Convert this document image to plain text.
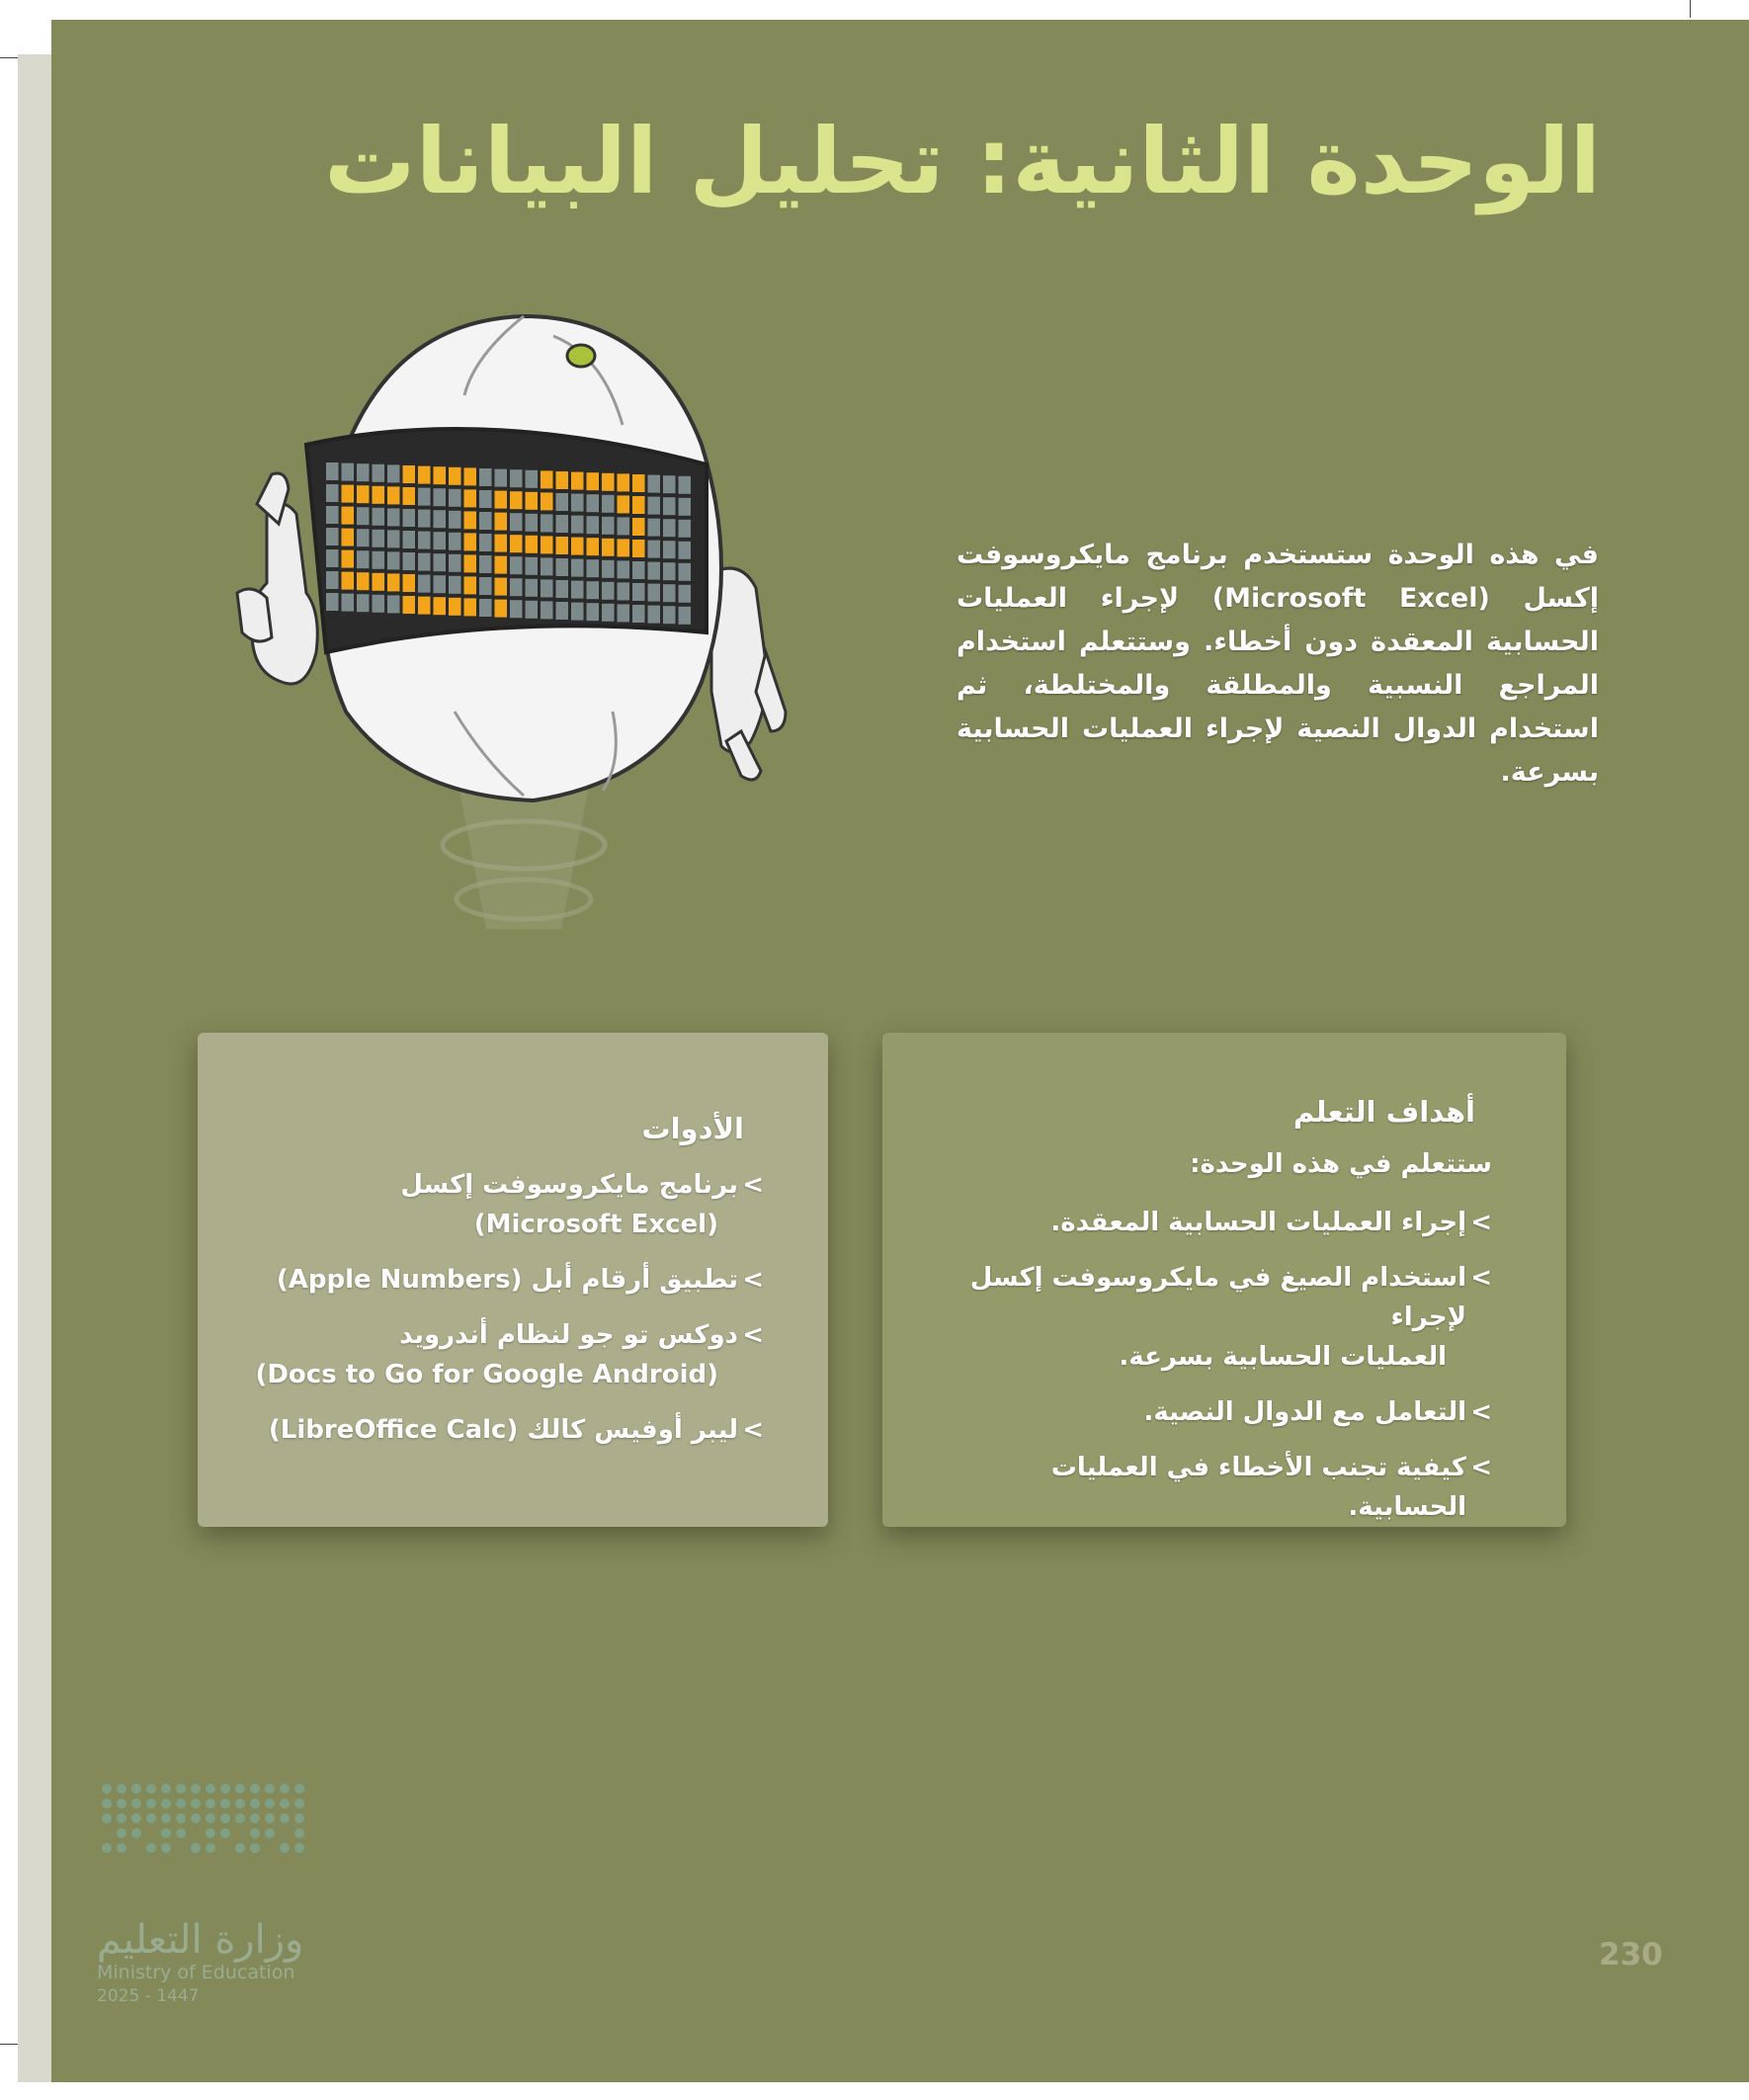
الوحدة الثانية: تحليل البيانات
في هذه الوحدة ستستخدم برنامج مايكروسوفت إكسل (Microsoft Excel) لإجراء العمليات الحسابية المعقدة دون أخطاء. وستتعلم استخدام المراجع النسبية والمطلقة والمختلطة، ثم استخدام الدوال النصية لإجراء العمليات الحسابية بسرعة.
أهداف التعلم
ستتعلم في هذه الوحدة:
>
إجراء العمليات الحسابية المعقدة.
>
استخدام الصيغ في مايكروسوفت إكسل لإجراء
العمليات الحسابية بسرعة.
>
التعامل مع الدوال النصية.
>
كيفية تجنب الأخطاء في العمليات الحسابية.
الأدوات
>
برنامج مايكروسوفت إكسل
(Microsoft Excel)
>
تطبيق أرقام أبل (Apple Numbers)
>
دوكس تو جو لنظام أندرويد
(Docs to Go for Google Android)
>
ليبر أوفيس كالك (LibreOffice Calc)
وزارة التعليم
Ministry of Education
2025 - 1447
230
